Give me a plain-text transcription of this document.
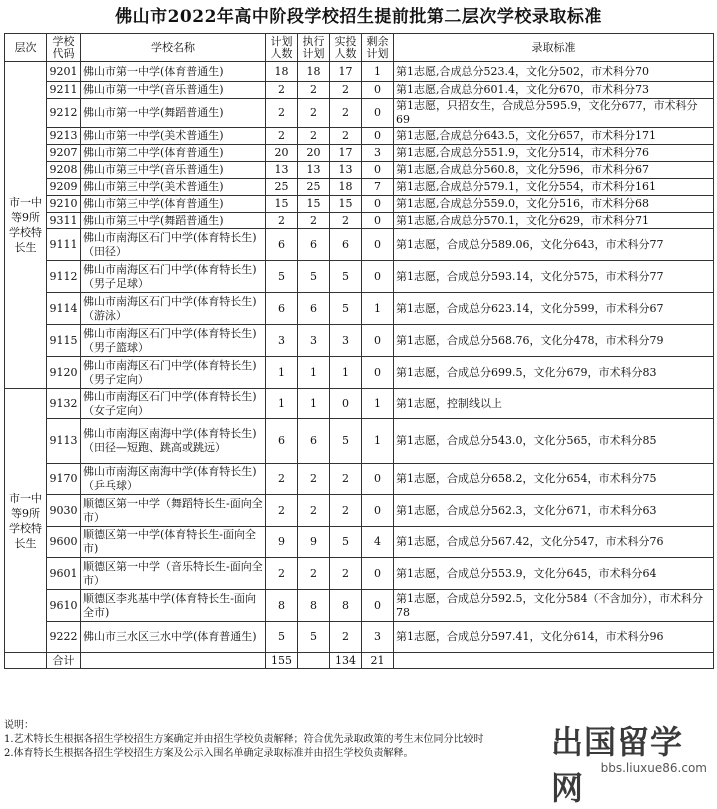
佛山市2022年高中阶段学校招生提前批第二层次学校录取标准
层次	学校代码	学校名称	计划人数	执行计划	实投人数	剩余计划	录取标准
市一中等9所学校特长生	9201	佛山市第一中学(体育普通生)	18	18	17	1	第1志愿,合成总分523.4，文化分502，市术科分70
	9211	佛山市第一中学(音乐普通生)	2	2	2	0	第1志愿,合成总分601.4，文化分670，市术科分73
	9212	佛山市第一中学(舞蹈普通生)	2	2	2	0	第1志愿，只招女生，合成总分595.9，文化分677，市术科分69
	9213	佛山市第一中学(美术普通生)	2	2	2	0	第1志愿,合成总分643.5，文化分657，市术科分171
	9207	佛山市第二中学(体育普通生)	20	20	17	3	第1志愿,合成总分551.9，文化分514，市术科分76
	9208	佛山市第三中学(音乐普通生)	13	13	13	0	第1志愿,合成总分560.8，文化分596，市术科分67
	9209	佛山市第三中学(美术普通生)	25	25	18	7	第1志愿,合成总分579.1，文化分554，市术科分161
	9210	佛山市第三中学(体育普通生)	15	15	15	0	第1志愿,合成总分559.0，文化分516，市术科分68
	9311	佛山市第三中学(舞蹈普通生)	2	2	2	0	第1志愿,合成总分570.1，文化分629，市术科分71
	9111	佛山市南海区石门中学(体育特长生)（田径）	6	6	6	0	第1志愿，合成总分589.06，文化分643，市术科分77
	9112	佛山市南海区石门中学(体育特长生)（男子足球）	5	5	5	0	第1志愿，合成总分593.14，文化分575，市术科分77
	9114	佛山市南海区石门中学(体育特长生)（游泳）	6	6	5	1	第1志愿，合成总分623.14，文化分599，市术科分67
	9115	佛山市南海区石门中学(体育特长生)（男子篮球）	3	3	3	0	第1志愿，合成总分568.76，文化分478，市术科分79
	9120	佛山市南海区石门中学(体育特长生)（男子定向）	1	1	1	0	第1志愿，合成总分699.5，文化分679，市术科分83
市一中等9所学校特长生	9132	佛山市南海区石门中学(体育特长生)（女子定向）	1	1	0	1	第1志愿，控制线以上
	9113	佛山市南海区南海中学(体育特长生)（田径—短跑、跳高或跳远）	6	6	5	1	第1志愿，合成总分543.0，文化分565，市术科分85
	9170	佛山市南海区南海中学(体育特长生)（乒乓球）	2	2	2	0	第1志愿，合成总分658.2，文化分654，市术科分75
	9030	顺德区第一中学（舞蹈特长生-面向全市）	2	2	2	0	第1志愿，合成总分562.3，文化分671，市术科分63
	9600	顺德区第一中学(体育特长生-面向全市)	9	9	5	4	第1志愿，合成总分567.42，文化分547，市术科分76
	9601	顺德区第一中学（音乐特长生-面向全市）	2	2	2	0	第1志愿，合成总分553.9，文化分645，市术科分64
	9610	顺德区李兆基中学(体育特长生-面向全市)	8	8	8	0	第1志愿，合成总分592.5，文化分584（不含加分），市术科分78
	9222	佛山市三水区三水中学(体育普通生)	5	5	2	3	第1志愿，合成总分597.41，文化分614，市术科分96
	合计		155		134	21	
说明：
1.艺术特长生根据各招生学校招生方案确定并由招生学校负责解释；符合优先录取政策的考生末位同分比较时
2.体育特长生根据各招生学校招生方案及公示入围名单确定录取标准并由招生学校负责解释。	出国留学网
bbs.liuxue86.com
